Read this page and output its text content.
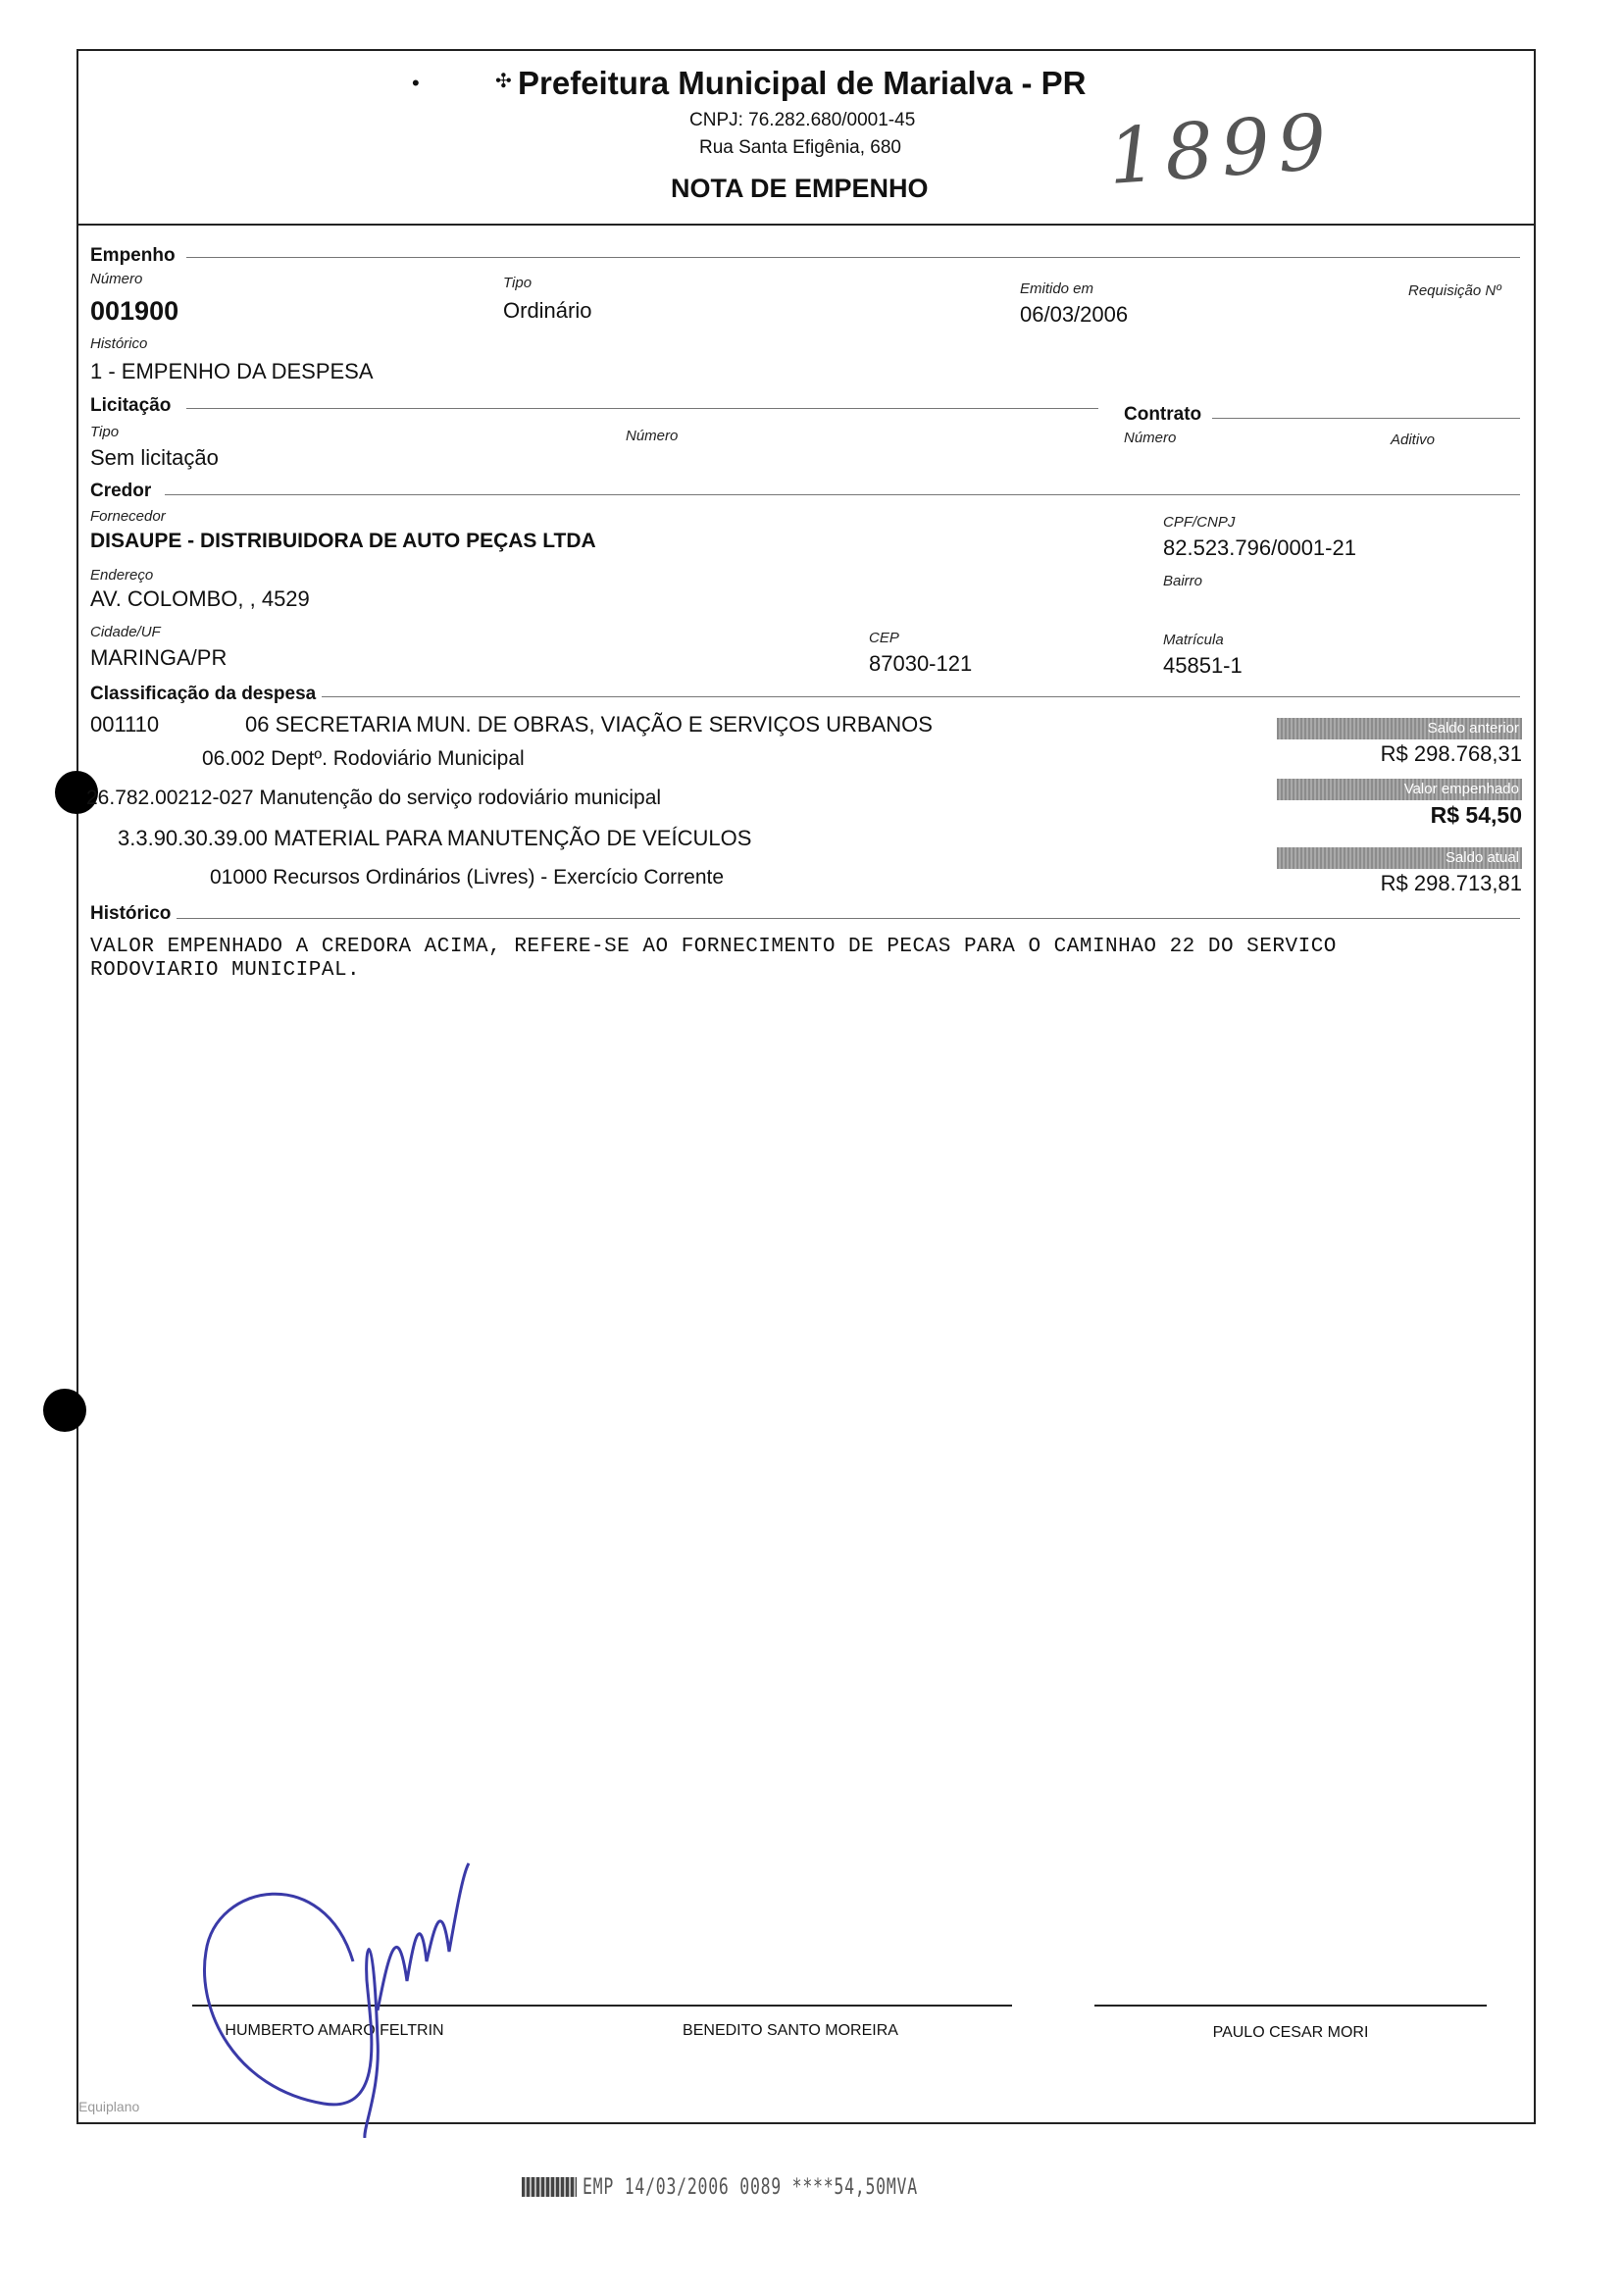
•	✣ Prefeitura Municipal de Marialva - PR
CNPJ: 76.282.680/0001-45
Rua Santa Efigênia, 680
NOTA DE EMPENHO 1899
Empenho
Número
001900
Tipo
Ordinário
Emitido em
06/03/2006
Requisição Nº
Histórico
1 - EMPENHO DA DESPESA
Licitação	Contrato
Tipo
Sem licitação
Número	Número	Aditivo
Credor
Fornecedor
DISAUPE - DISTRIBUIDORA DE AUTO PEÇAS LTDA
CPF/CNPJ
82.523.796/0001-21
Endereço
AV. COLOMBO, , 4529
Bairro
Cidade/UF
MARINGA/PR
CEP
87030-121
Matrícula
45851-1
Classificação da despesa
001110	06 SECRETARIA MUN. DE OBRAS, VIAÇÃO E SERVIÇOS URBANOS
06.002 Deptº. Rodoviário Municipal
26.782.00212-027 Manutenção do serviço rodoviário municipal
3.3.90.30.39.00 MATERIAL PARA MANUTENÇÃO DE VEÍCULOS
01000 Recursos Ordinários (Livres) - Exercício Corrente
Saldo anterior
R$ 298.768,31
Valor empenhado
R$ 54,50
Saldo atual
R$ 298.713,81
Histórico
VALOR EMPENHADO A CREDORA ACIMA, REFERE-SE AO FORNECIMENTO DE PECAS PARA O CAMINHAO 22 DO SERVICO
RODOVIARIO MUNICIPAL.
HUMBERTO AMARO FELTRIN	BENEDITO SANTO MOREIRA	PAULO CESAR MORI
Equiplano
EMP 14/03/2006 0089 ****54,50MVA
